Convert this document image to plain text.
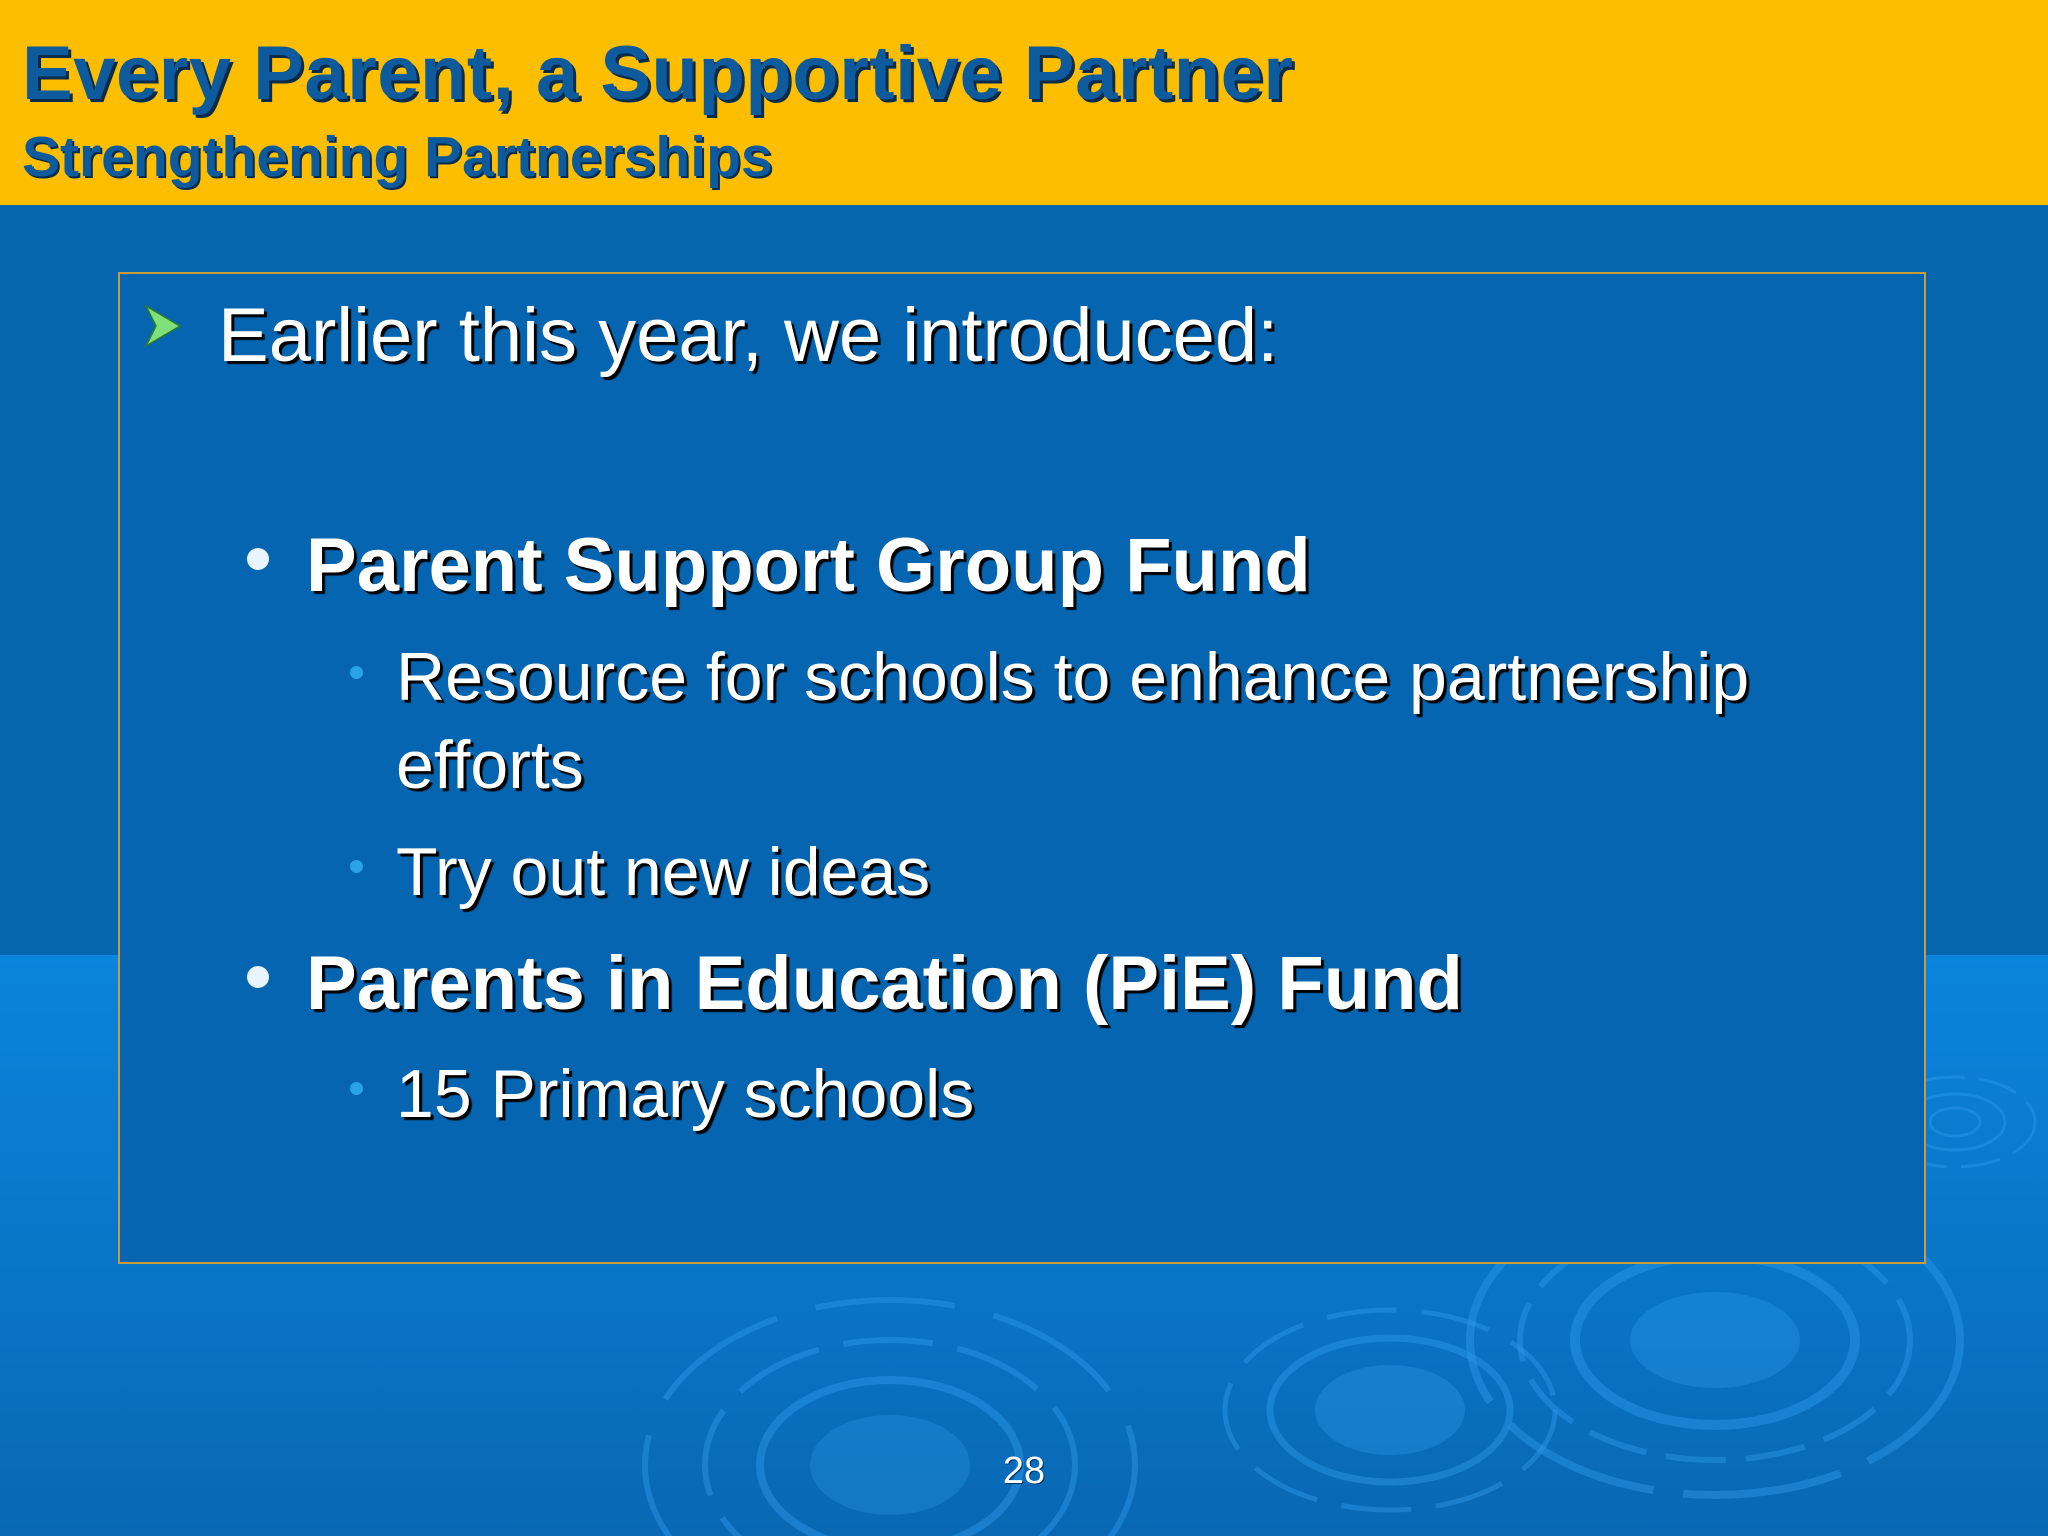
Every Parent, a Supportive Partner
Strengthening Partnerships
Earlier this year, we introduced:
Parent Support Group Fund
Resource for schools to enhance partnership efforts
Try out new ideas
Parents in Education (PiE) Fund
15 Primary schools
28
